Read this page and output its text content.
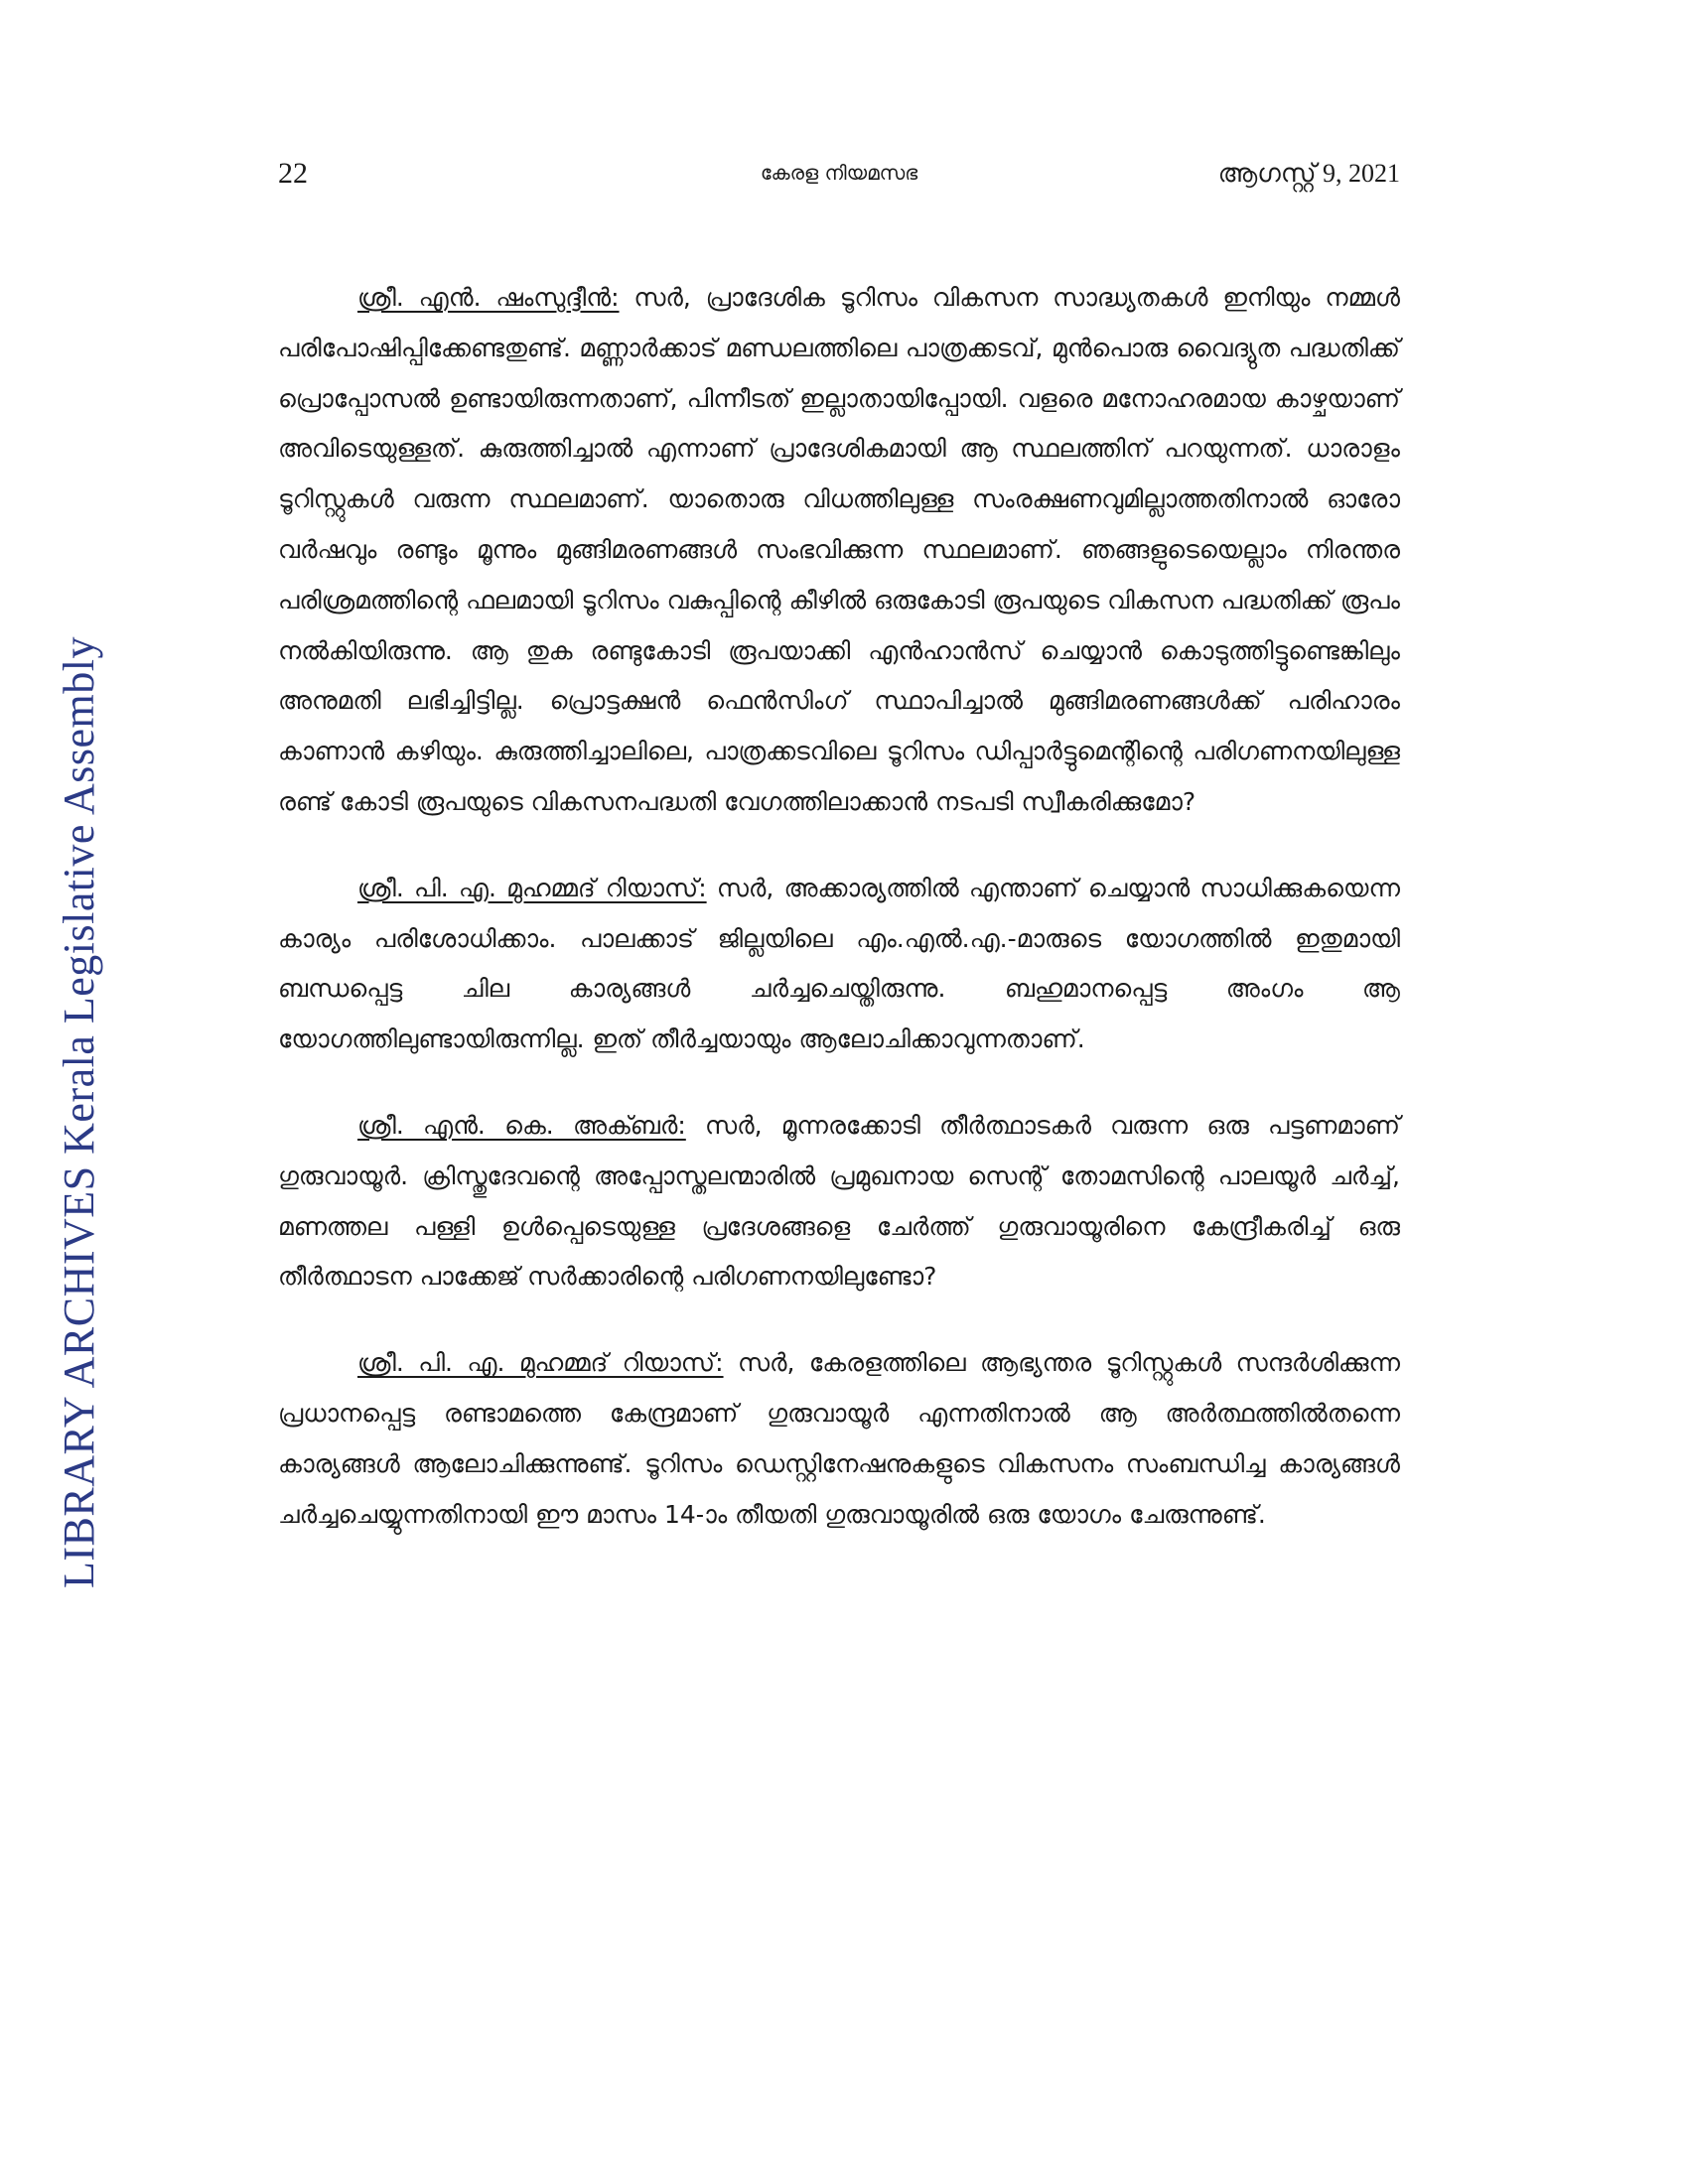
22	കേരള നിയമസഭ	ആഗസ്റ്റ് 9, 2021
LIBRARY ARCHIVES Kerala Legislative Assembly

ശ്രീ. എൻ. ഷംസുദ്ദീൻ: സർ, പ്രാദേശിക ടൂറിസം വികസന സാദ്ധ്യതകൾ ഇനിയും നമ്മൾ പരിപോഷിപ്പിക്കേണ്ടതുണ്ട്. മണ്ണാർക്കാട് മണ്ഡലത്തിലെ പാത്രക്കടവ്, മുൻപൊരു വൈദ്യുത പദ്ധതിക്ക് പ്രൊപ്പോസൽ ഉണ്ടായിരുന്നതാണ്, പിന്നീടത് ഇല്ലാതായിപ്പോയി. വളരെ മനോഹരമായ കാഴ്ചയാണ് അവിടെയുള്ളത്. കുരുത്തിച്ചാൽ എന്നാണ് പ്രാദേശികമായി ആ സ്ഥലത്തിന് പറയുന്നത്. ധാരാളം ടൂറിസ്റ്റുകൾ വരുന്ന സ്ഥലമാണ്. യാതൊരു വിധത്തിലുള്ള സംരക്ഷണവുമില്ലാത്തതിനാൽ ഓരോ വർഷവും രണ്ടും മൂന്നും മുങ്ങിമരണങ്ങൾ സംഭവിക്കുന്ന സ്ഥലമാണ്. ഞങ്ങളുടെയെല്ലാം നിരന്തര പരിശ്രമത്തിന്റെ ഫലമായി ടൂറിസം വകുപ്പിന്റെ കീഴിൽ ഒരുകോടി രൂപയുടെ വികസന പദ്ധതിക്ക് രൂപം നൽകിയിരുന്നു. ആ തുക രണ്ടുകോടി രൂപയാക്കി എൻഹാൻസ് ചെയ്യാൻ കൊടുത്തിട്ടുണ്ടെങ്കിലും അനുമതി ലഭിച്ചിട്ടില്ല. പ്രൊട്ടക്ഷൻ ഫെൻസിംഗ് സ്ഥാപിച്ചാൽ മുങ്ങിമരണങ്ങൾക്ക് പരിഹാരം കാണാൻ കഴിയും. കുരുത്തിച്ചാലിലെ, പാത്രക്കടവിലെ ടൂറിസം ഡിപ്പാർട്ടുമെന്റിന്റെ പരിഗണനയിലുള്ള രണ്ട് കോടി രൂപയുടെ വികസനപദ്ധതി വേഗത്തിലാക്കാൻ നടപടി സ്വീകരിക്കുമോ?

ശ്രീ. പി. എ. മുഹമ്മദ് റിയാസ്: സർ, അക്കാര്യത്തിൽ എന്താണ് ചെയ്യാൻ സാധിക്കുകയെന്ന കാര്യം പരിശോധിക്കാം. പാലക്കാട് ജില്ലയിലെ എം.എൽ.എ.-മാരുടെ യോഗത്തിൽ ഇതുമായി ബന്ധപ്പെട്ട ചില കാര്യങ്ങൾ ചർച്ചചെയ്തിരുന്നു. ബഹുമാനപ്പെട്ട അംഗം ആ യോഗത്തിലുണ്ടായിരുന്നില്ല. ഇത് തീർച്ചയായും ആലോചിക്കാവുന്നതാണ്.

ശ്രീ. എൻ. കെ. അക്ബർ: സർ, മൂന്നരക്കോടി തീർത്ഥാടകർ വരുന്ന ഒരു പട്ടണമാണ് ഗുരുവായൂർ. ക്രിസ്തുദേവന്റെ അപ്പോസ്തലന്മാരിൽ പ്രമുഖനായ സെന്റ് തോമസിന്റെ പാലയൂർ ചർച്ച്, മണത്തല പള്ളി ഉൾപ്പെടെയുള്ള പ്രദേശങ്ങളെ ചേർത്ത് ഗുരുവായൂരിനെ കേന്ദ്രീകരിച്ച് ഒരു തീർത്ഥാടന പാക്കേജ് സർക്കാരിന്റെ പരിഗണനയിലുണ്ടോ?

ശ്രീ. പി. എ. മുഹമ്മദ് റിയാസ്: സർ, കേരളത്തിലെ ആഭ്യന്തര ടൂറിസ്റ്റുകൾ സന്ദർശിക്കുന്ന പ്രധാനപ്പെട്ട രണ്ടാമത്തെ കേന്ദ്രമാണ് ഗുരുവായൂർ എന്നതിനാൽ ആ അർത്ഥത്തിൽതന്നെ കാര്യങ്ങൾ ആലോചിക്കുന്നുണ്ട്. ടൂറിസം ഡെസ്റ്റിനേഷനുകളുടെ വികസനം സംബന്ധിച്ച കാര്യങ്ങൾ ചർച്ചചെയ്യുന്നതിനായി ഈ മാസം 14-ാം തീയതി ഗുരുവായൂരിൽ ഒരു യോഗം ചേരുന്നുണ്ട്.
